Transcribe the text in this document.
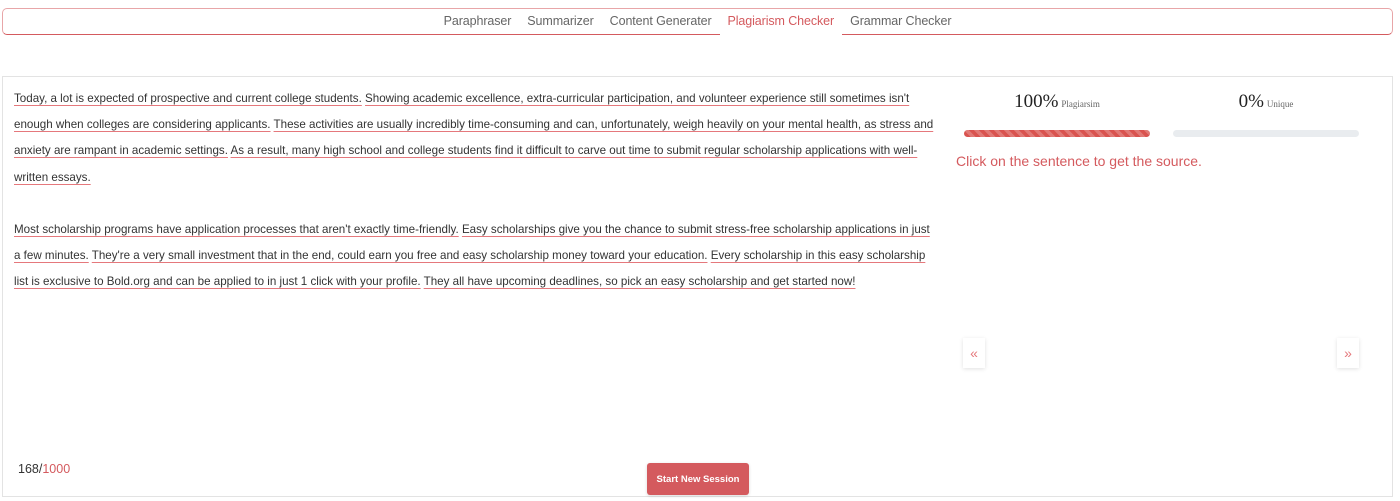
Paraphraser	Summarizer	Content Generater	Plagiarism Checker	Grammar Checker

Today, a lot is expected of prospective and current college students. Showing academic excellence, extra-curricular participation, and volunteer experience still sometimes isn't enough when colleges are considering applicants. These activities are usually incredibly time-consuming and can, unfortunately, weigh heavily on your mental health, as stress and anxiety are rampant in academic settings. As a result, many high school and college students find it difficult to carve out time to submit regular scholarship applications with well-written essays.

Most scholarship programs have application processes that aren't exactly time-friendly. Easy scholarships give you the chance to submit stress-free scholarship applications in just a few minutes. They're a very small investment that in the end, could earn you free and easy scholarship money toward your education. Every scholarship in this easy scholarship list is exclusive to Bold.org and can be applied to in just 1 click with your profile. They all have upcoming deadlines, so pick an easy scholarship and get started now!

100% Plagiarsim	0% Unique
Click on the sentence to get the source.
«	»
168/1000
Start New Session
